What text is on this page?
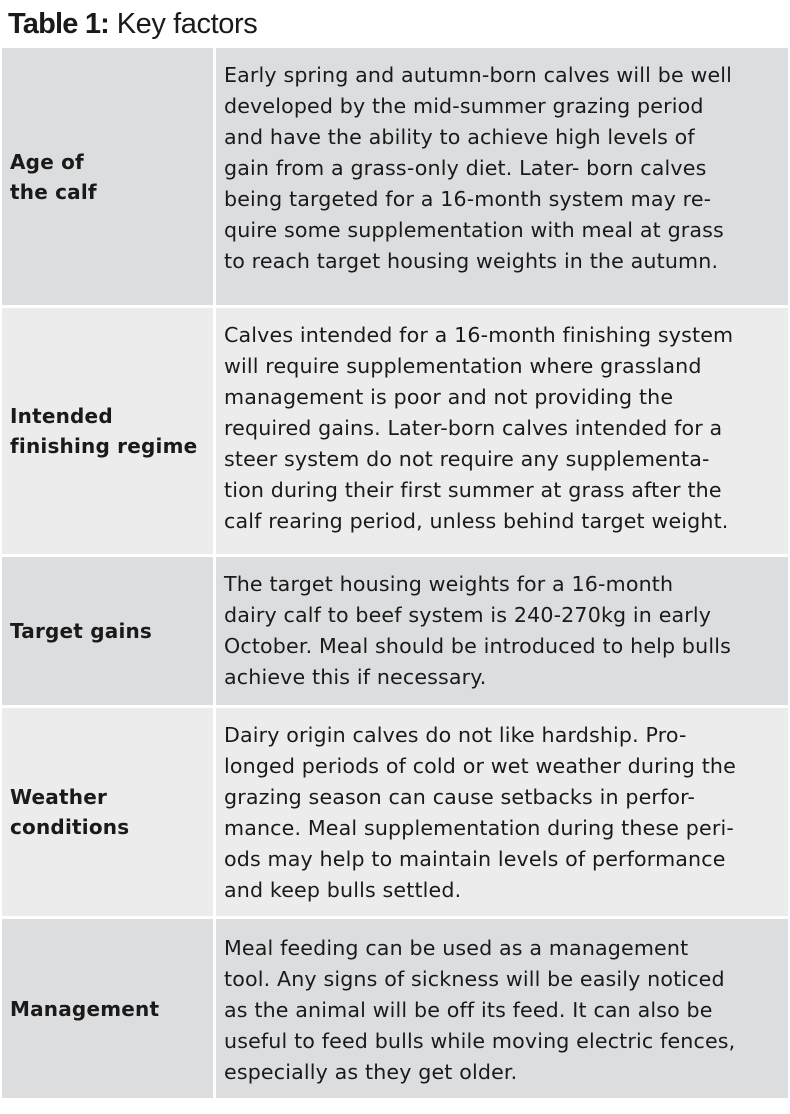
Table 1: Key factors
Age of
the calf
Early spring and autumn-born calves will be well
developed by the mid-summer grazing period
and have the ability to achieve high levels of
gain from a grass-only diet. Later- born calves
being targeted for a 16-month system may re-
quire some supplementation with meal at grass
to reach target housing weights in the autumn.
Intended
finishing regime
Calves intended for a 16-month finishing system
will require supplementation where grassland
management is poor and not providing the
required gains. Later-born calves intended for a
steer system do not require any supplementa-
tion during their first summer at grass after the
calf rearing period, unless behind target weight.
Target gains
The target housing weights for a 16-month
dairy calf to beef system is 240-270kg in early
October. Meal should be introduced to help bulls
achieve this if necessary.
Weather
conditions
Dairy origin calves do not like hardship. Pro-
longed periods of cold or wet weather during the
grazing season can cause setbacks in perfor-
mance. Meal supplementation during these peri-
ods may help to maintain levels of performance
and keep bulls settled.
Management
Meal feeding can be used as a management
tool. Any signs of sickness will be easily noticed
as the animal will be off its feed. It can also be
useful to feed bulls while moving electric fences,
especially as they get older.
